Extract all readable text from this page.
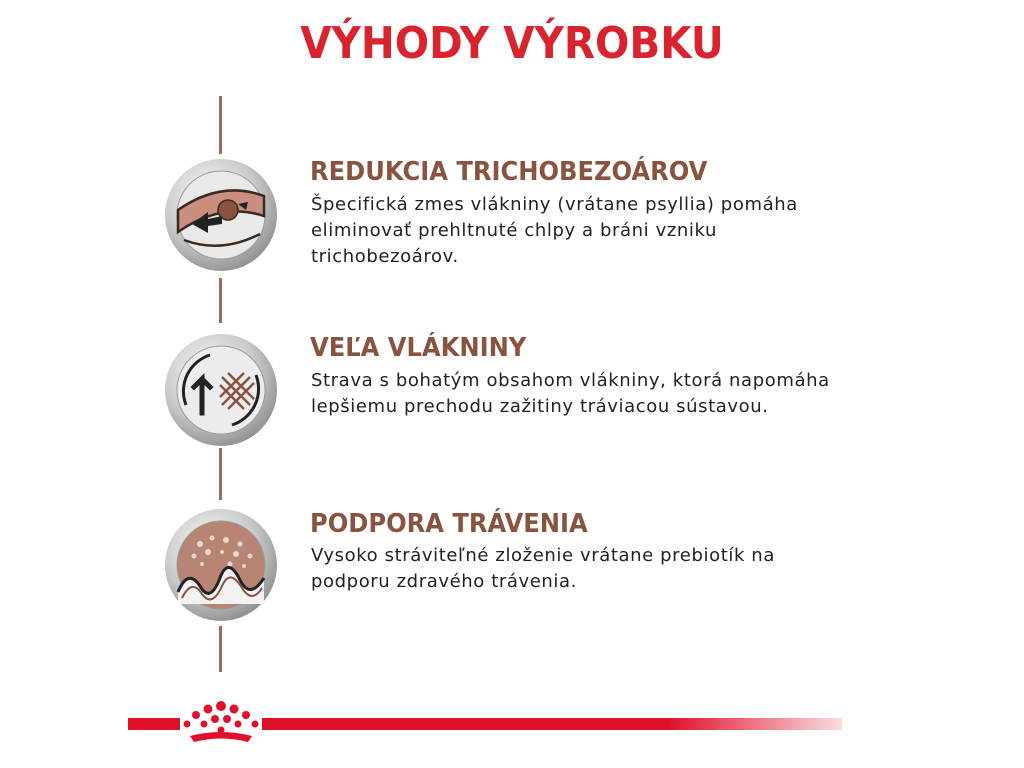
VÝHODY VÝROBKU
REDUKCIA TRICHOBEZOÁROV
Špecifická zmes vlákniny (vrátane psyllia) pomáha
eliminovať prehltnuté chlpy a bráni vzniku
trichobezoárov.
VEĽA VLÁKNINY
Strava s bohatým obsahom vlákniny, ktorá napomáha
lepšiemu prechodu zažitiny tráviacou sústavou.
PODPORA TRÁVENIA
Vysoko stráviteľné zloženie vrátane prebiotík na
podporu zdravého trávenia.
